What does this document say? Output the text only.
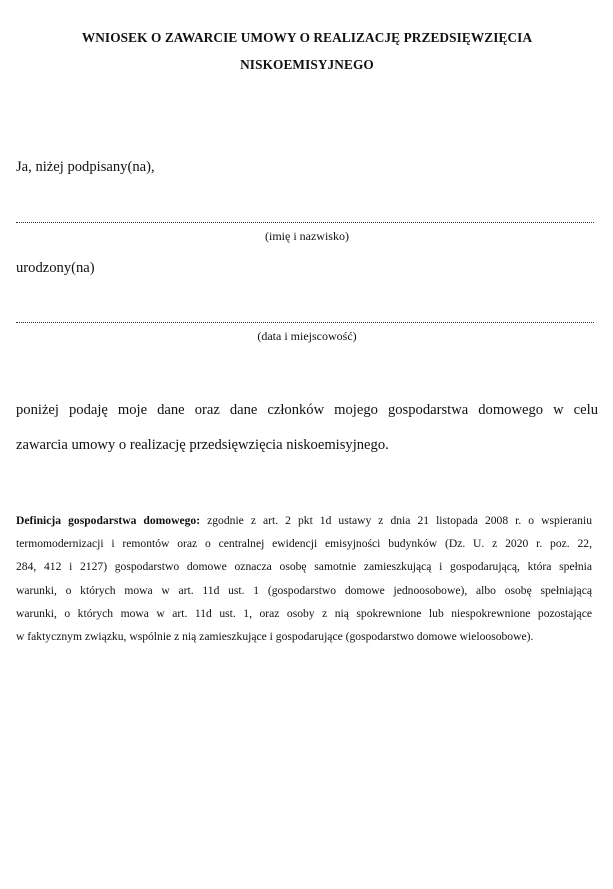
WNIOSEK O ZAWARCIE UMOWY O REALIZACJĘ PRZEDSIĘWZIĘCIA
NISKOEMISYJNEGO
Ja, niżej podpisany(na),
(imię i nazwisko)
urodzony(na)
(data i miejscowość)
poniżej podaję moje dane oraz dane członków mojego gospodarstwa domowego w celu
zawarcia umowy o realizację przedsięwzięcia niskoemisyjnego.
Definicja gospodarstwa domowego: zgodnie z art. 2 pkt 1d ustawy z dnia 21 listopada 2008 r. o wspieraniu
termomodernizacji i remontów oraz o centralnej ewidencji emisyjności budynków (Dz. U. z 2020 r. poz. 22,
284, 412 i 2127) gospodarstwo domowe oznacza osobę samotnie zamieszkującą i gospodarującą, która spełnia
warunki, o których mowa w art. 11d ust. 1 (gospodarstwo domowe jednoosobowe), albo osobę spełniającą
warunki, o których mowa w art. 11d ust. 1, oraz osoby z nią spokrewnione lub niespokrewnione pozostające
w faktycznym związku, wspólnie z nią zamieszkujące i gospodarujące (gospodarstwo domowe wieloosobowe).
